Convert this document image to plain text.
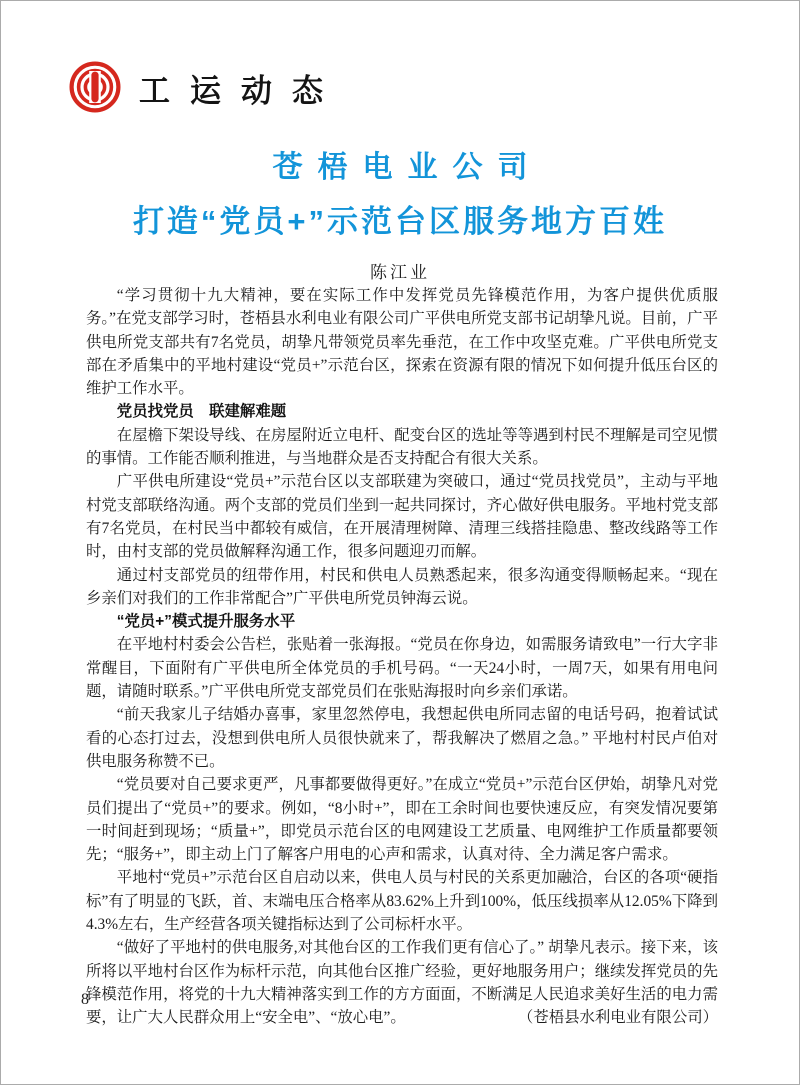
工运动态
苍梧电业公司
打造“党员+”示范台区服务地方百姓
陈江业

“学习贯彻十九大精神，要在实际工作中发挥党员先锋模范作用，为客户提供优质服务。”在党支部学习时，苍梧县水利电业有限公司广平供电所党支部书记胡挚凡说。目前，广平供电所党支部共有7名党员，胡挚凡带领党员率先垂范，在工作中攻坚克难。广平供电所党支部在矛盾集中的平地村建设“党员+”示范台区，探索在资源有限的情况下如何提升低压台区的维护工作水平。

党员找党员　联建解难题

在屋檐下架设导线、在房屋附近立电杆、配变台区的选址等等遇到村民不理解是司空见惯的事情。工作能否顺利推进，与当地群众是否支持配合有很大关系。

广平供电所建设“党员+”示范台区以支部联建为突破口，通过“党员找党员”，主动与平地村党支部联络沟通。两个支部的党员们坐到一起共同探讨，齐心做好供电服务。平地村党支部有7名党员，在村民当中都较有威信，在开展清理树障、清理三线搭挂隐患、整改线路等工作时，由村支部的党员做解释沟通工作，很多问题迎刃而解。

通过村支部党员的纽带作用，村民和供电人员熟悉起来，很多沟通变得顺畅起来。“现在乡亲们对我们的工作非常配合”广平供电所党员钟海云说。

“党员+”模式提升服务水平

在平地村村委会公告栏，张贴着一张海报。“党员在你身边，如需服务请致电”一行大字非常醒目，下面附有广平供电所全体党员的手机号码。“一天24小时，一周7天，如果有用电问题，请随时联系。”广平供电所党支部党员们在张贴海报时向乡亲们承诺。

“前天我家儿子结婚办喜事，家里忽然停电，我想起供电所同志留的电话号码，抱着试试看的心态打过去，没想到供电所人员很快就来了，帮我解决了燃眉之急。” 平地村村民卢伯对供电服务称赞不已。

“党员要对自己要求更严，凡事都要做得更好。”在成立“党员+”示范台区伊始，胡挚凡对党员们提出了“党员+”的要求。例如，“8小时+”，即在工余时间也要快速反应，有突发情况要第一时间赶到现场；“质量+”，即党员示范台区的电网建设工艺质量、电网维护工作质量都要领先；“服务+”，即主动上门了解客户用电的心声和需求，认真对待、全力满足客户需求。

平地村“党员+”示范台区自启动以来，供电人员与村民的关系更加融洽，台区的各项“硬指标”有了明显的飞跃，首、末端电压合格率从83.62%上升到100%，低压线损率从12.05%下降到4.3%左右，生产经营各项关键指标达到了公司标杆水平。

“做好了平地村的供电服务,对其他台区的工作我们更有信心了。” 胡挚凡表示。接下来，该所将以平地村台区作为标杆示范，向其他台区推广经验，更好地服务用户；继续发挥党员的先锋模范作用，将党的十九大精神落实到工作的方方面面，不断满足人民追求美好生活的电力需要，让广大人民群众用上“安全电”、“放心电”。	（苍梧县水利电业有限公司）
8
